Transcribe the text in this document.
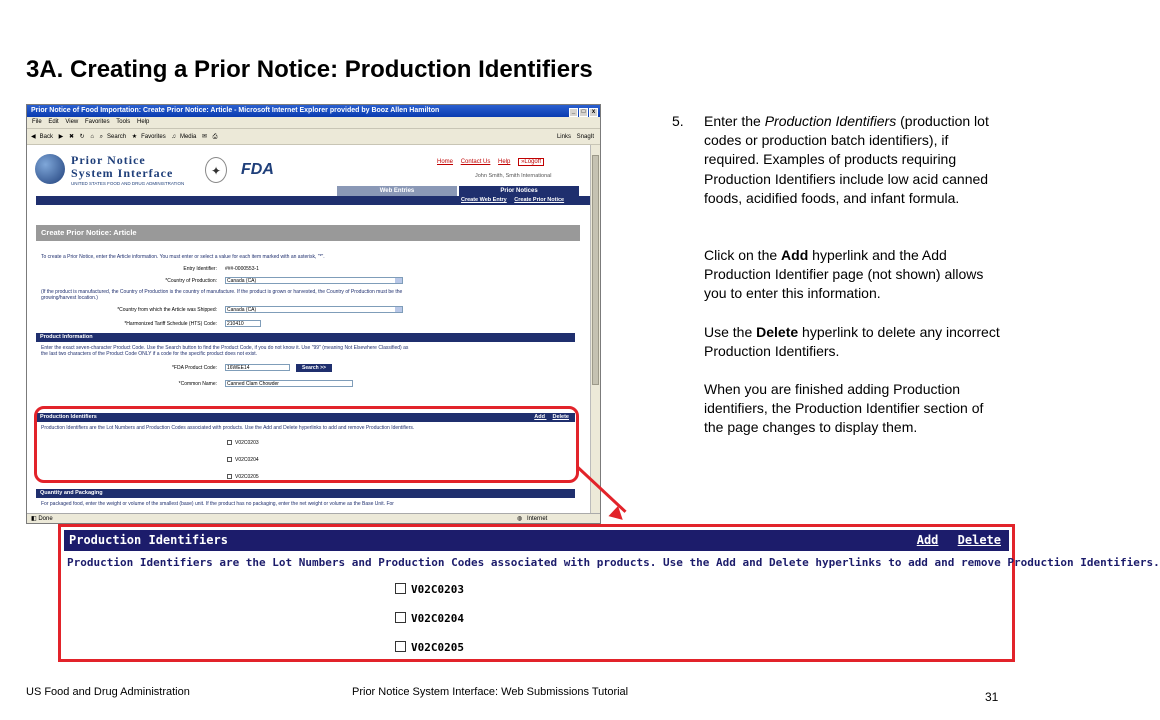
3A. Creating a Prior Notice: Production Identifiers
Prior Notice of Food Importation: Create Prior Notice: Article - Microsoft Internet Explorer provided by Booz Allen Hamilton	_ □ x
File Edit View Favorites Tools Help
◀ Back ▶ ✖ ↻ ⌂ ⌕ Search ★ Favorites ♫ Media ✉ ⎙	Links SnagIt
Prior Notice
System Interface
UNITED STATES FOOD AND DRUG ADMINISTRATION
✦	FDA	Home Contact Us Help »Logoff
John Smith, Smith International
Web Entries	Prior Notices
Create Web Entry Create Prior Notice
Create Prior Notice: Article
To create a Prior Notice, enter the Article information. You must enter or select a value for each item marked with an asterisk, "*".
Entry Identifier: ###-0000553-1
*Country of Production:	Canada (CA)
(If the product is manufactured, the Country of Production is the country of manufacture. If the product is grown or harvested, the Country of Production must be the
growing/harvest location.)
*Country from which the Article was Shipped:	Canada (CA)
*Harmonized Tariff Schedule (HTS) Code:	210410
Product Information
Enter the exact seven-character Product Code. Use the Search button to find the Product Code, if you do not know it. Use "99" (meaning Not Elsewhere Classified) as
the last two characters of the Product Code ONLY if a code for the specific product does not exist.
*FDA Product Code:	16WEE14	Search >>
*Common Name:	Canned Clam Chowder
Production Identifiers	Add Delete
Production Identifiers are the Lot Numbers and Production Codes associated with products. Use the Add and Delete hyperlinks to add and remove Production Identifiers.
V02C0203
V02C0204
V02C0205
Quantity and Packaging
For packaged food, enter the weight or volume of the smallest (base) unit. If the product has no packaging, enter the net weight or volume as the Base Unit. For
◧ Done	◍ Internet
Production Identifiers	Add Delete
Production Identifiers are the Lot Numbers and Production Codes associated with products. Use the Add and Delete hyperlinks to add and remove Production Identifiers.
V02C0203
V02C0204
V02C0205
5. Enter the Production Identifiers (production lot codes or production batch identifiers), if required. Examples of products requiring Production Identifiers include low acid canned foods, acidified foods, and infant formula.
Click on the Add hyperlink and the Add Production Identifier page (not shown) allows you to enter this information.
Use the Delete hyperlink to delete any incorrect Production Identifiers.
When you are finished adding Production identifiers, the Production Identifier section of the page changes to display them.
US Food and Drug Administration	Prior Notice System Interface: Web Submissions Tutorial	31
